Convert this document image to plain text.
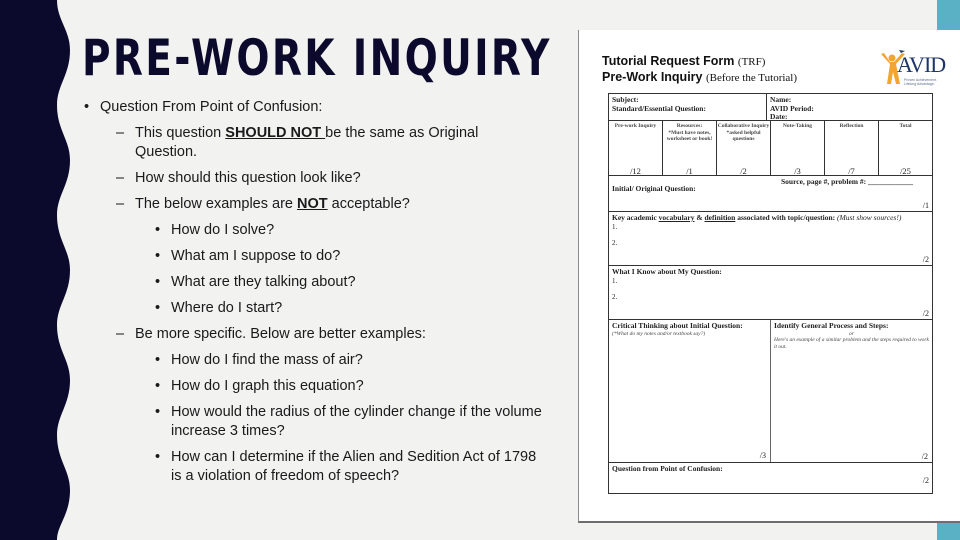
PRE-WORK INQUIRY
• Question From Point of Confusion:
– This question SHOULD NOT be the same as Original Question.
– How should this question look like?
– The below examples are NOT acceptable?
• How do I solve?
• What am I suppose to do?
• What are they talking about?
• Where do I start?
– Be more specific. Below are better examples:
• How do I find the mass of air?
• How do I graph this equation?
• How would the radius of the cylinder change if the volume increase 3 times?
• How can I determine if the Alien and Sedition Act of 1798 is a violation of freedom of speech?
Tutorial Request Form (TRF)
Pre-Work Inquiry (Before the Tutorial)
AVID
Proven Achievement.
Lifelong Advantage.
Subject:
Standard/Essential Question:
Name:
AVID Period:
Date:
Pre-work Inquiry
/12
Resources:
*Must have notes, worksheet or book!
/1
Collaborative Inquiry
*asked helpful questions
/2
Note-Taking
/3
Reflection
/7
Total
/25
Initial/ Original Question:
Source, page #, problem #: ____________
/1
Key academic vocabulary & definition associated with topic/question: (Must show sources!)
1.
2.
/2
What I Know about My Question:
1.
2.
/2
Critical Thinking about Initial Question:
(*What do my notes and/or textbook say?)
/3
Identify General Process and Steps:
or
Here's an example of a similar problem and the steps required to work it out.
/2
Question from Point of Confusion:
/2
